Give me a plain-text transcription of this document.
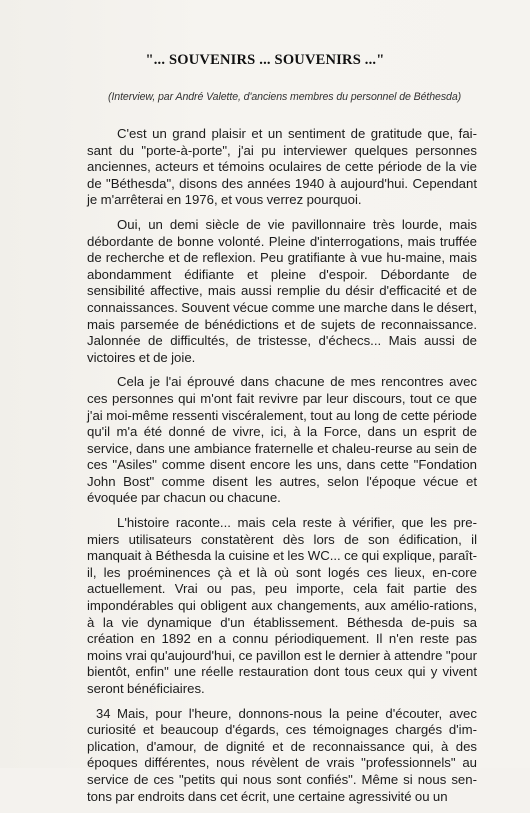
"... SOUVENIRS ... SOUVENIRS ..."
(Interview, par André Valette, d'anciens membres du personnel de Béthesda)

C'est un grand plaisir et un sentiment de gratitude que, fai-sant du "porte-à-porte", j'ai pu interviewer quelques personnes anciennes, acteurs et témoins oculaires de cette période de la vie de "Béthesda", disons des années 1940 à aujourd'hui. Cependant je m'arrêterai en 1976, et vous verrez pourquoi.

Oui, un demi siècle de vie pavillonnaire très lourde, mais débordante de bonne volonté. Pleine d'interrogations, mais truffée de recherche et de reflexion. Peu gratifiante à vue hu-maine, mais abondamment édifiante et pleine d'espoir. Débordante de sensibilité affective, mais aussi remplie du désir d'efficacité et de connaissances. Souvent vécue comme une marche dans le désert, mais parsemée de bénédictions et de sujets de reconnaissance. Jalonnée de difficultés, de tristesse, d'échecs... Mais aussi de victoires et de joie.

Cela je l'ai éprouvé dans chacune de mes rencontres avec ces personnes qui m'ont fait revivre par leur discours, tout ce que j'ai moi-même ressenti viscéralement, tout au long de cette période qu'il m'a été donné de vivre, ici, à la Force, dans un esprit de service, dans une ambiance fraternelle et chaleu-reurse au sein de ces "Asiles" comme disent encore les uns, dans cette "Fondation John Bost" comme disent les autres, selon l'époque vécue et évoquée par chacun ou chacune.

L'histoire raconte... mais cela reste à vérifier, que les pre-miers utilisateurs constatèrent dès lors de son édification, il manquait à Béthesda la cuisine et les WC... ce qui explique, paraît-il, les proéminences çà et là où sont logés ces lieux, en-core actuellement. Vrai ou pas, peu importe, cela fait partie des impondérables qui obligent aux changements, aux amélio-rations, à la vie dynamique d'un établissement. Béthesda de-puis sa création en 1892 en a connu périodiquement. Il n'en reste pas moins vrai qu'aujourd'hui, ce pavillon est le dernier à attendre "pour bientôt, enfin" une réelle restauration dont tous ceux qui y vivent seront bénéficiaires.

Mais, pour l'heure, donnons-nous la peine d'écouter, avec curiosité et beaucoup d'égards, ces témoignages chargés d'im-plication, d'amour, de dignité et de reconnaissance qui, à des époques différentes, nous révèlent de vrais "professionnels" au service de ces "petits qui nous sont confiés". Même si nous sen-tons par endroits dans cet écrit, une certaine agressivité ou un

34
